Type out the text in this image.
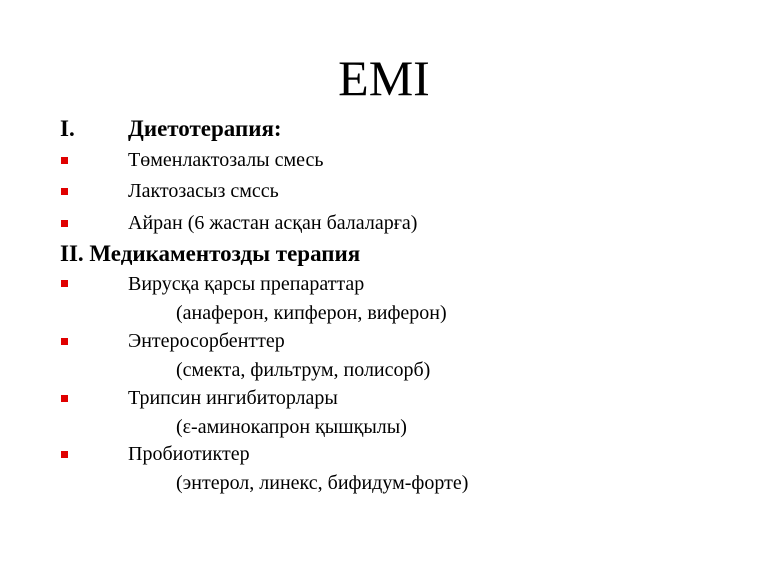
ЕМІ
I. Диетотерапия:
Төменлактозалы смесь
Лактозасыз смссь
Айран (6 жастан асқан балаларға)
II. Медикаментозды терапия
Вирусқа қарсы препараттар
(анаферон, кипферон, виферон)
Энтеросорбенттер
(смекта, фильтрум, полисорб)
Трипсин ингибиторлары
(ε-аминокапрон қышқылы)
Пробиотиктер
(энтерол, линекс, бифидум-форте)
